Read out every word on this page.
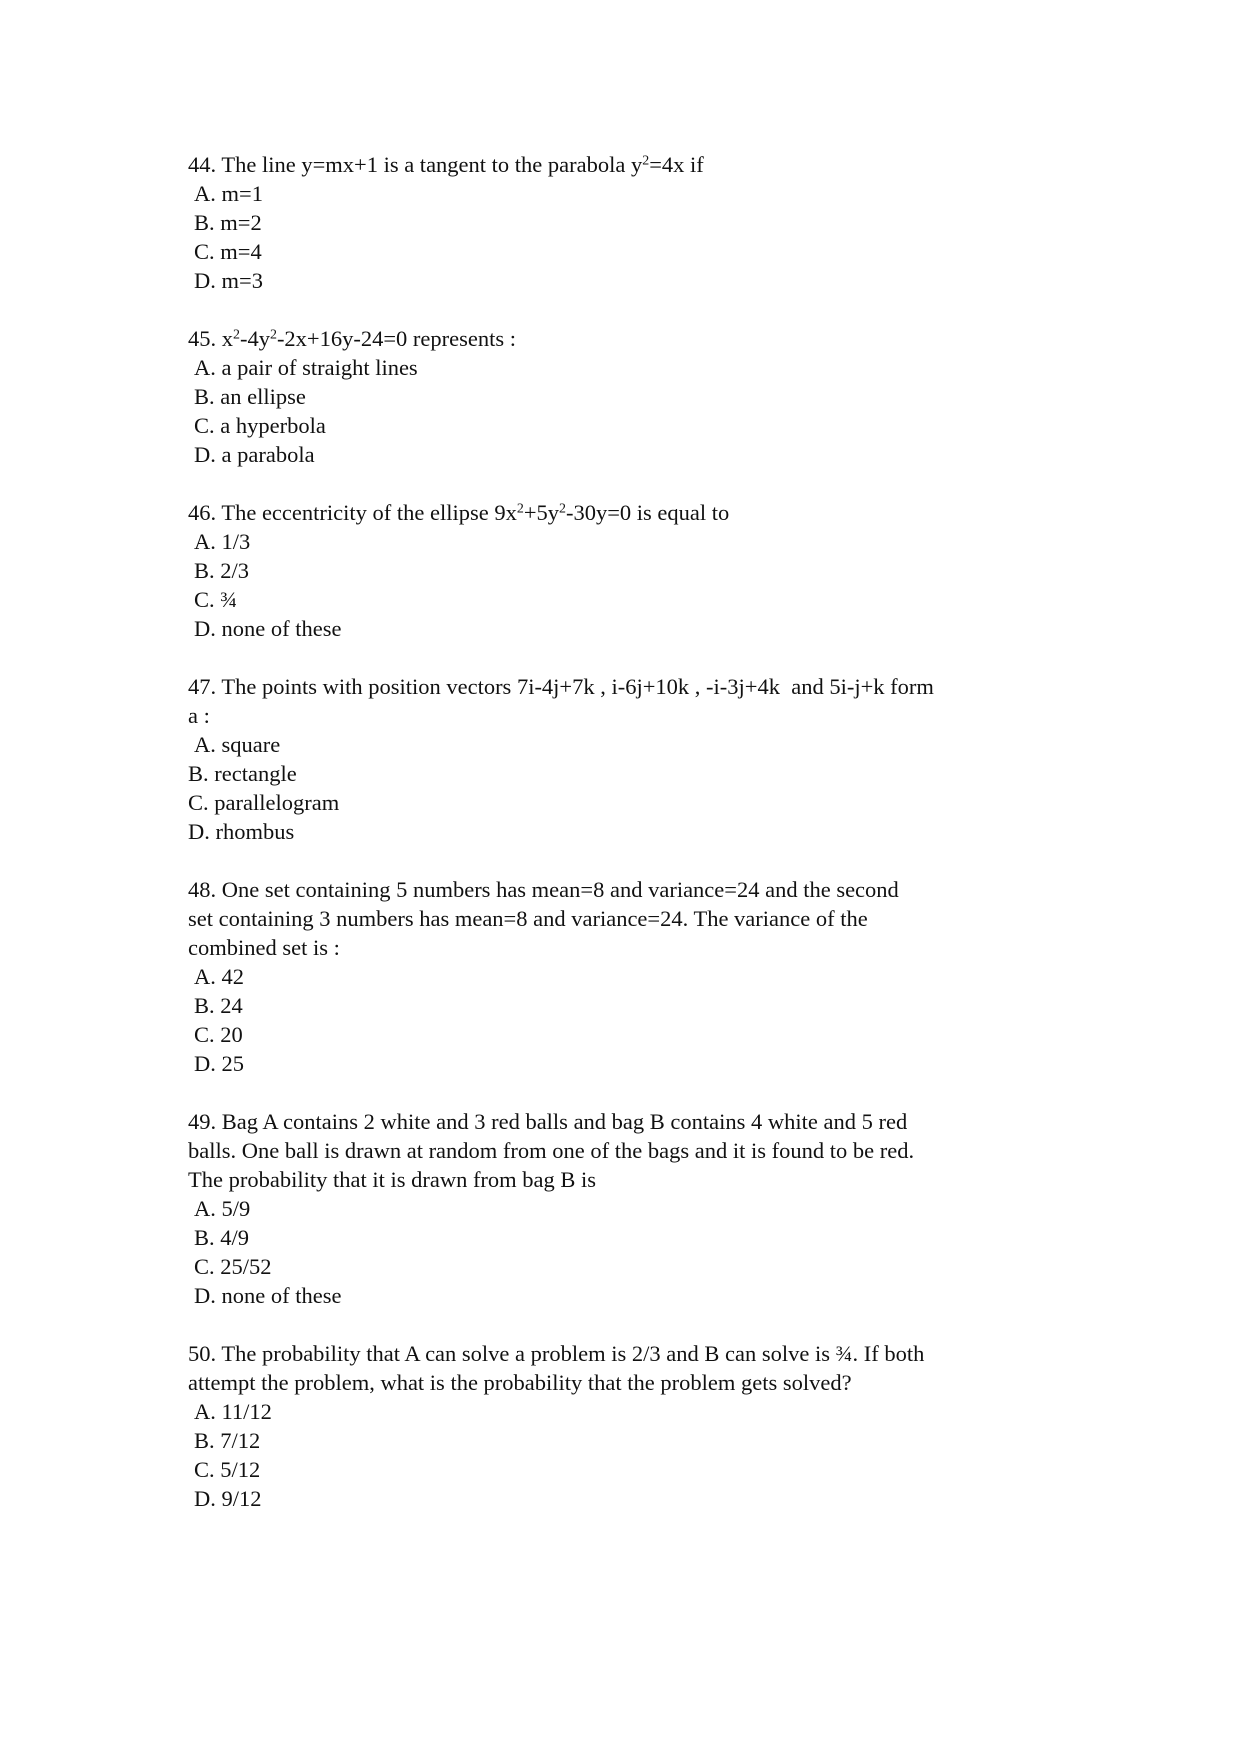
44. The line y=mx+1 is a tangent to the parabola $y^2=4x$ if

A. m=1

B. m=2

C. m=4

D. m=3

45. $x^2-4y^2-2x+16y-24=0$ represents :

A. a pair of straight lines

B. an ellipse

C. a hyperbola

D. a parabola

46. The eccentricity of the ellipse $9x^2+5y^2-30y=0$ is equal to

A. 1/3

B. 2/3

C. ¾

D. none of these

47. The points with position vectors 7i-4j+7k , i-6j+10k , -i-3j+4k  and 5i-j+k form

a :

A. square

B. rectangle

C. parallelogram

D. rhombus

48. One set containing 5 numbers has mean=8 and variance=24 and the second

set containing 3 numbers has mean=8 and variance=24. The variance of the

combined set is :

A. 42

B. 24

C. 20

D. 25

49. Bag A contains 2 white and 3 red balls and bag B contains 4 white and 5 red

balls. One ball is drawn at random from one of the bags and it is found to be red.

The probability that it is drawn from bag B is

A. 5/9

B. 4/9

C. 25/52

D. none of these

50. The probability that A can solve a problem is 2/3 and B can solve is ¾. If both

attempt the problem, what is the probability that the problem gets solved?

A. 11/12

B. 7/12

C. 5/12

D. 9/12
